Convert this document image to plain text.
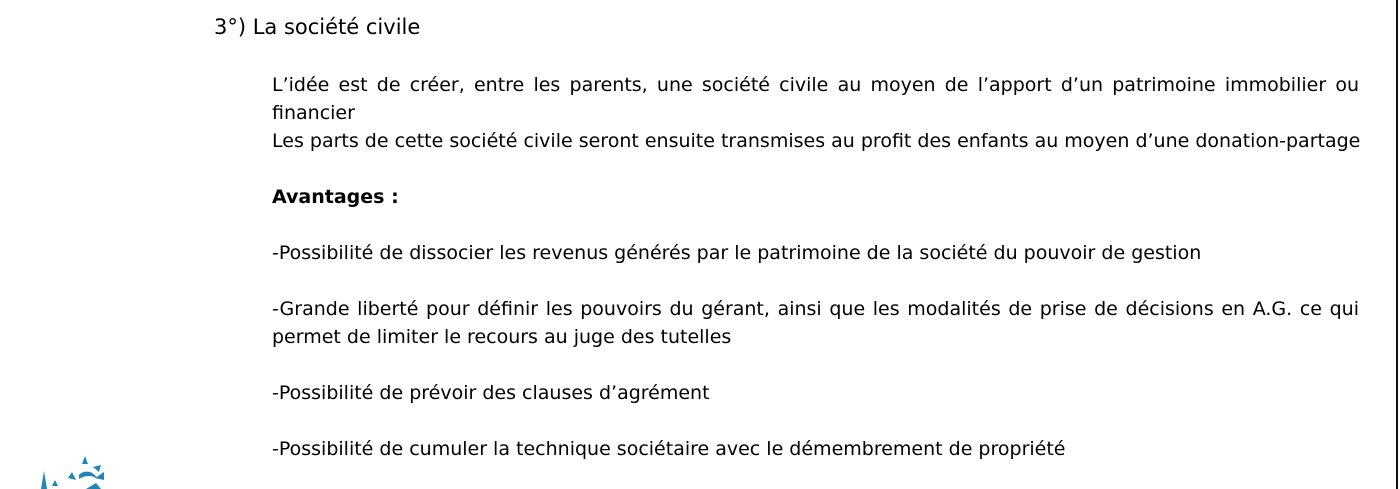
3°) La société civile

L’idée est de créer, entre les parents, une société civile au moyen de l’apport d’un patrimoine immobilier ou financier

Les parts de cette société civile seront ensuite transmises au profit des enfants au moyen d’une donation-partage

Avantages :

-Possibilité de dissocier les revenus générés par le patrimoine de la société du pouvoir de gestion

-Grande liberté pour définir les pouvoirs du gérant, ainsi que les modalités de prise de décisions en A.G. ce qui permet de limiter le recours au juge des tutelles

-Possibilité de prévoir des clauses d’agrément

-Possibilité de cumuler la technique sociétaire avec le démembrement de propriété
